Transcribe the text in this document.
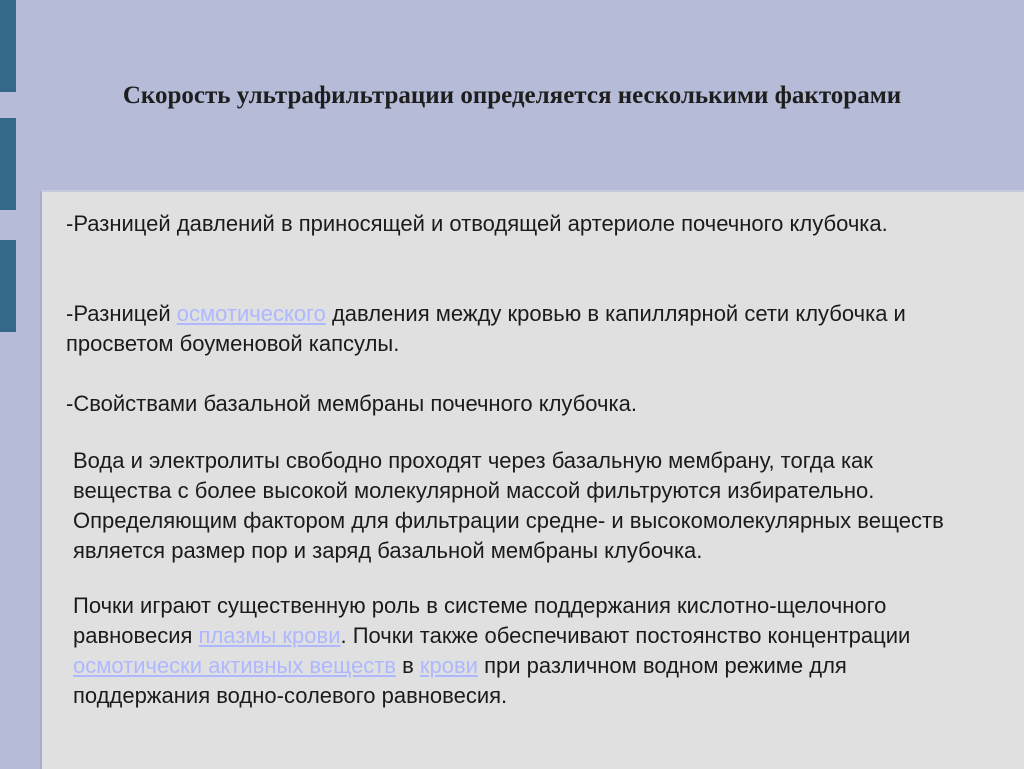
Скорость ультрафильтрации определяется несколькими факторами

-Разницей давлений в приносящей и отводящей артериоле почечного клубочка.

-Разницей осмотического давления между кровью в капиллярной сети клубочка и просветом боуменовой капсулы.

-Свойствами базальной мембраны почечного клубочка.

Вода и электролиты свободно проходят через базальную мембрану, тогда как вещества с более высокой молекулярной массой фильтруются избирательно. Определяющим фактором для фильтрации средне- и высокомолекулярных веществ является размер пор и заряд базальной мембраны клубочка.

Почки играют существенную роль в системе поддержания кислотно-щелочного равновесия плазмы крови. Почки также обеспечивают постоянство концентрации осмотически активных веществ в крови при различном водном режиме для поддержания водно-солевого равновесия.
